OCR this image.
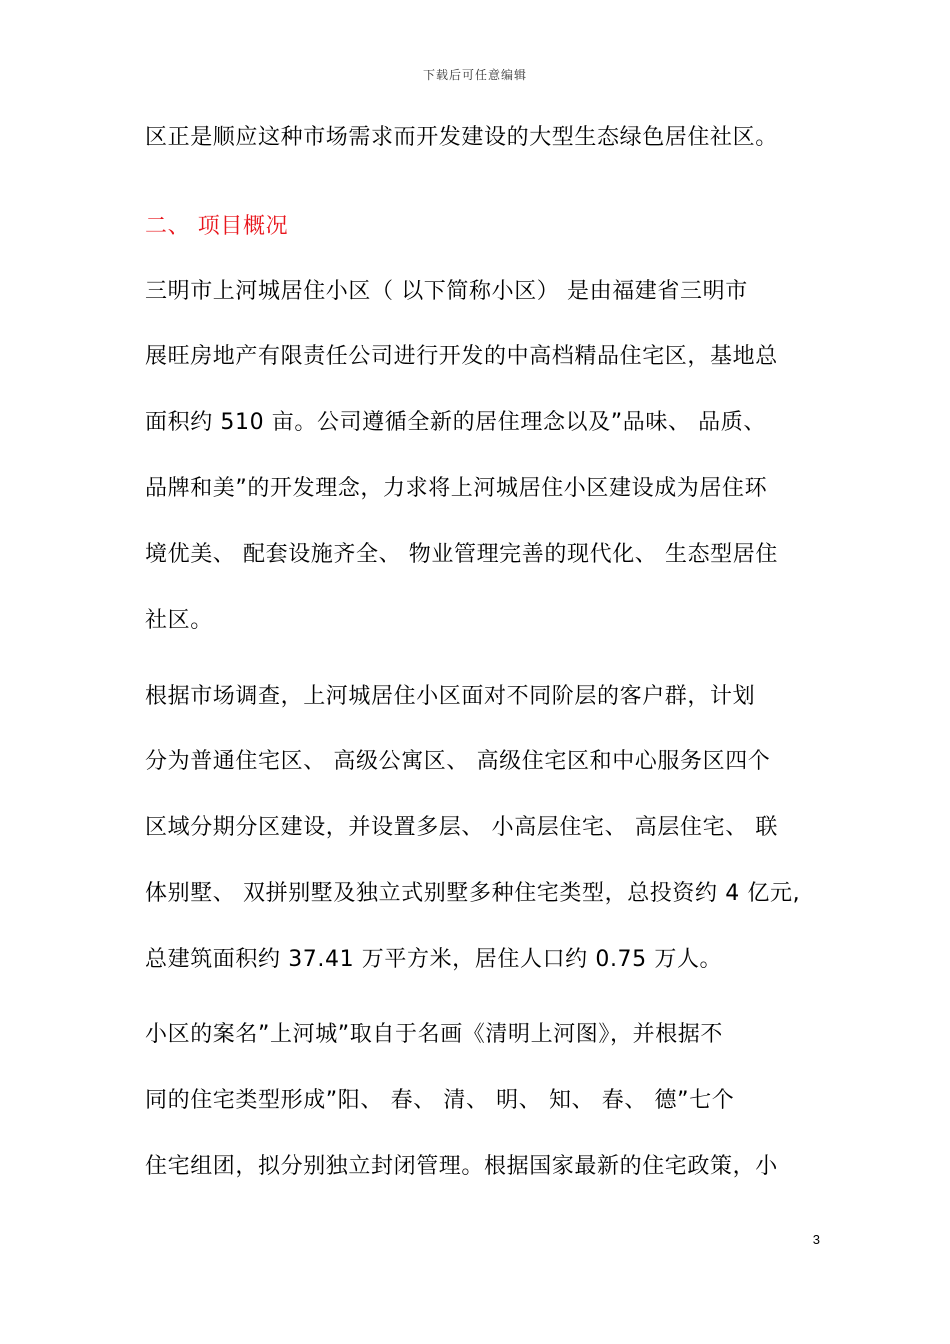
下载后可任意编辑
区正是顺应这种市场需求而开发建设的大型生态绿色居住社区。
二、 项目概况
三明市上河城居住小区（ 以下简称小区） 是由福建省三明市
展旺房地产有限责任公司进行开发的中高档精品住宅区，基地总
面积约 510 亩。公司遵循全新的居住理念以及”品味、 品质、
品牌和美”的开发理念，力求将上河城居住小区建设成为居住环
境优美、 配套设施齐全、 物业管理完善的现代化、 生态型居住
社区。
根据市场调查，上河城居住小区面对不同阶层的客户群，计划
分为普通住宅区、 高级公寓区、 高级住宅区和中心服务区四个
区域分期分区建设，并设置多层、 小高层住宅、 高层住宅、 联
体别墅、 双拼别墅及独立式别墅多种住宅类型，总投资约 4 亿元,
总建筑面积约 37.41 万平方米，居住人口约 0.75 万人。
小区的案名”上河城”取自于名画《清明上河图》，并根据不
同的住宅类型形成”阳、 春、 清、 明、 知、 春、 德”七个
住宅组团，拟分别独立封闭管理。根据国家最新的住宅政策，小
3
